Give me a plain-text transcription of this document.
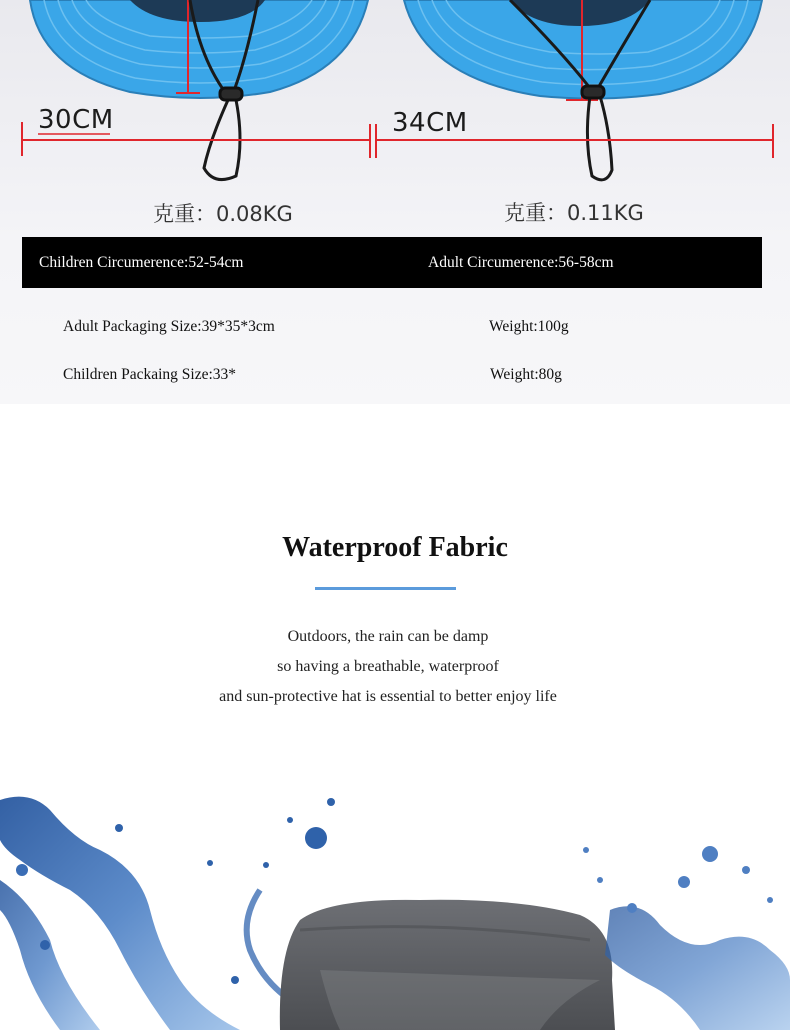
30CM	34CM
克重：0.08KG	克重：0.11KG
Children Circumerence:52-54cm	Adult Circumerence:56-58cm
Adult Packaging Size:39*35*3cm	Weight:100g
Children Packaing Size:33*	Weight:80g
Waterproof Fabric
Outdoors, the rain can be damp
so having a breathable, waterproof
and sun-protective hat is essential to better enjoy life
